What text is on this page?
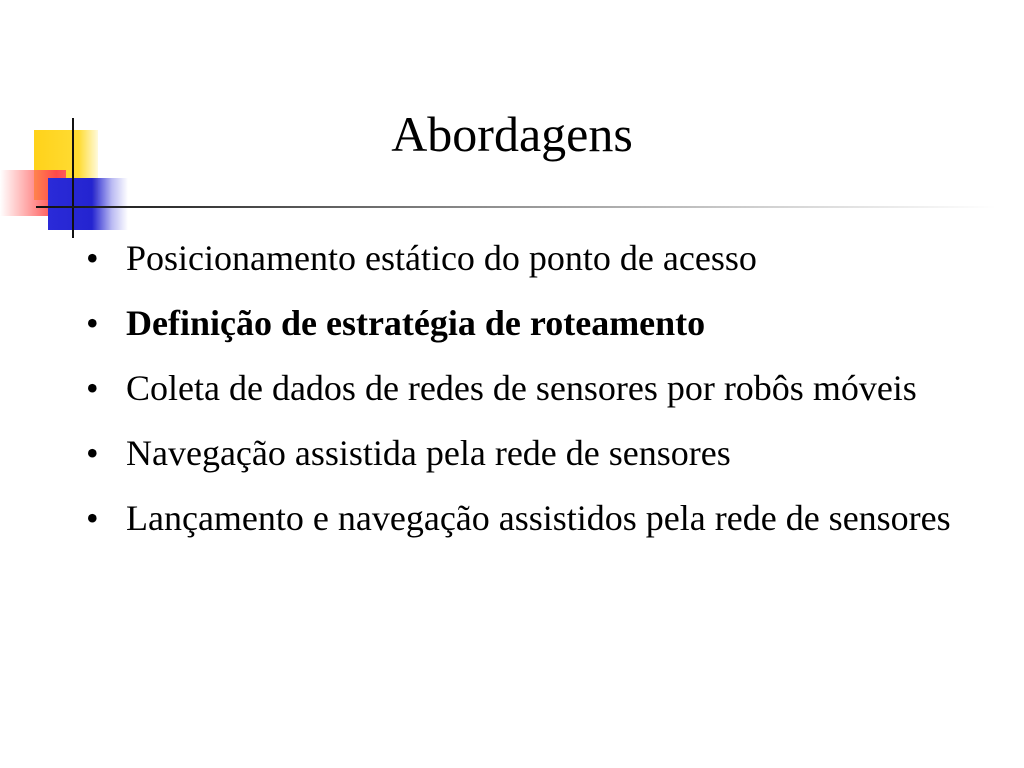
Abordagens
• Posicionamento estático do ponto de acesso
• Definição de estratégia de roteamento
• Coleta de dados de redes de sensores por robôs móveis
• Navegação assistida pela rede de sensores
• Lançamento e navegação assistidos pela rede de sensores
